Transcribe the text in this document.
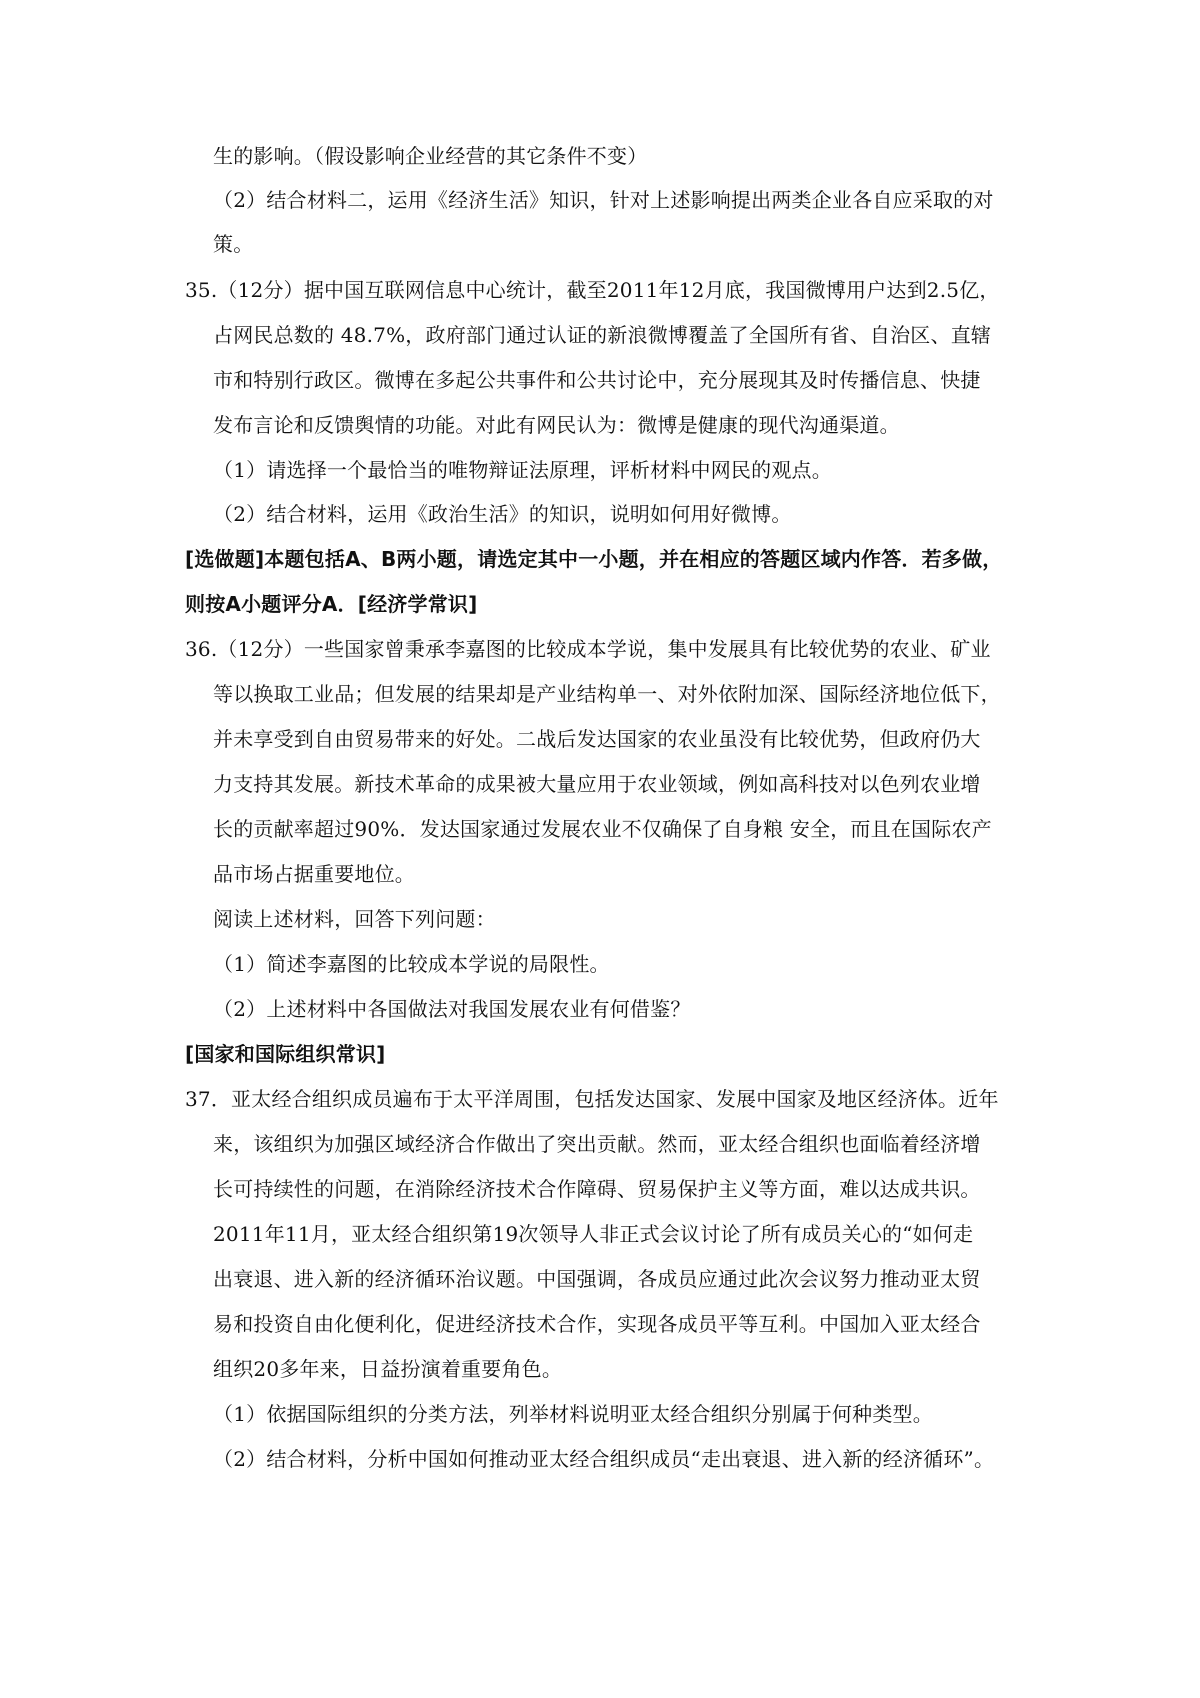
生的影响。（假设影响企业经营的其它条件不变）
（2）结合材料二，运用《经济生活》知识，针对上述影响提出两类企业各自应采取的对
策。
35.（12分）据中国互联网信息中心统计，截至2011年12月底，我国微博用户达到2.5亿，
占网民总数的 48.7%，政府部门通过认证的新浪微博覆盖了全国所有省、自治区、直辖
市和特别行政区。微博在多起公共事件和公共讨论中，充分展现其及时传播信息、快捷
发布言论和反馈舆情的功能。对此有网民认为：微博是健康的现代沟通渠道。
（1）请选择一个最恰当的唯物辩证法原理，评析材料中网民的观点。
（2）结合材料，运用《政治生活》的知识，说明如何用好微博。
[选做题]本题包括A、B两小题，请选定其中一小题，并在相应的答题区域内作答．若多做，
则按A小题评分A．[经济学常识]
36.（12分）一些国家曾秉承李嘉图的比较成本学说，集中发展具有比较优势的农业、矿业
等以换取工业品；但发展的结果却是产业结构单一、对外依附加深、国际经济地位低下，
并未享受到自由贸易带来的好处。二战后发达国家的农业虽没有比较优势，但政府仍大
力支持其发展。新技术革命的成果被大量应用于农业领域，例如高科技对以色列农业增
长的贡献率超过90%．发达国家通过发展农业不仅确保了自身粮 安全，而且在国际农产
品市场占据重要地位。
阅读上述材料，回答下列问题：
（1）简述李嘉图的比较成本学说的局限性。
（2）上述材料中各国做法对我国发展农业有何借鉴？
[国家和国际组织常识]
37．亚太经合组织成员遍布于太平洋周围，包括发达国家、发展中国家及地区经济体。近年
来，该组织为加强区域经济合作做出了突出贡献。然而，亚太经合组织也面临着经济增
长可持续性的问题，在消除经济技术合作障碍、贸易保护主义等方面，难以达成共识。
2011年11月，亚太经合组织第19次领导人非正式会议讨论了所有成员关心的“如何走
出衰退、进入新的经济循环治议题。中国强调，各成员应通过此次会议努力推动亚太贸
易和投资自由化便利化，促进经济技术合作，实现各成员平等互利。中国加入亚太经合
组织20多年来，日益扮演着重要角色。
（1）依据国际组织的分类方法，列举材料说明亚太经合组织分别属于何种类型。
（2）结合材料，分析中国如何推动亚太经合组织成员“走出衰退、进入新的经济循环”。
